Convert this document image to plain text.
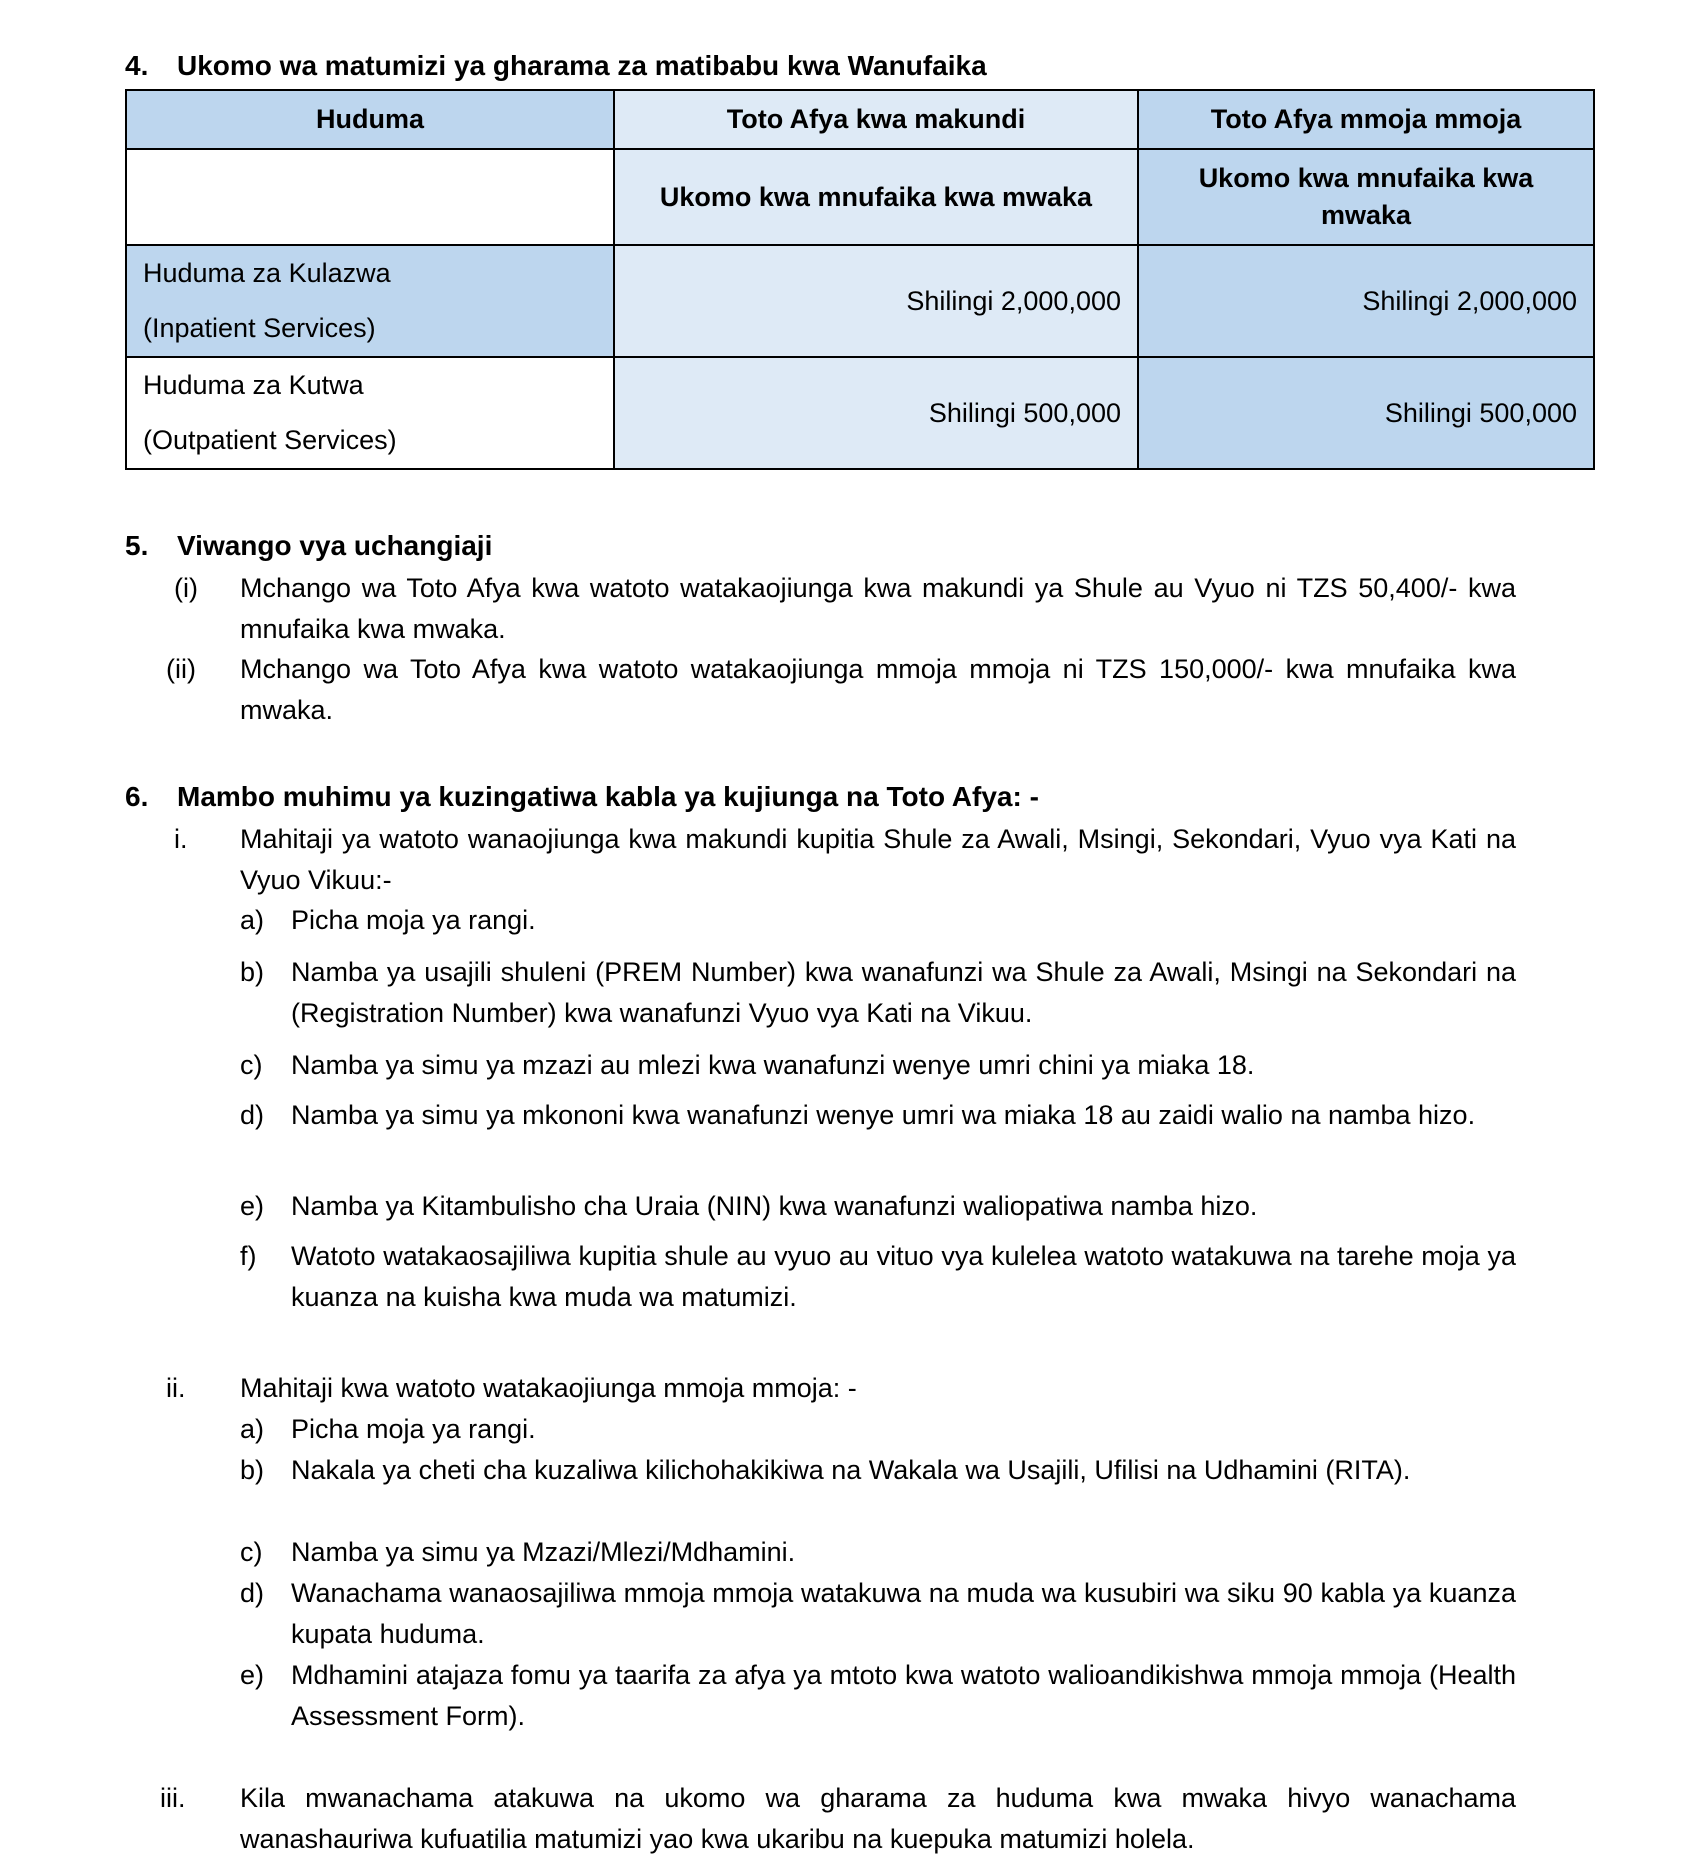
4. Ukomo wa matumizi ya gharama za matibabu kwa Wanufaika
Huduma	Toto Afya kwa makundi	Toto Afya mmoja mmoja
	Ukomo kwa mnufaika kwa mwaka	Ukomo kwa mnufaika kwa mwaka

Huduma za Kulazwa
(Inpatient Services)	Shilingi 2,000,000	Shilingi 2,000,000

Huduma za Kutwa
(Outpatient Services)	Shilingi 500,000	Shilingi 500,000
5. Viwango vya uchangiaji
(i) Mchango wa Toto Afya kwa watoto watakaojiunga kwa makundi ya Shule au Vyuo ni TZS 50,400/- kwa mnufaika kwa mwaka.
(ii) Mchango wa Toto Afya kwa watoto watakaojiunga mmoja mmoja ni TZS 150,000/- kwa mnufaika kwa mwaka.
6. Mambo muhimu ya kuzingatiwa kabla ya kujiunga na Toto Afya: -
i. Mahitaji ya watoto wanaojiunga kwa makundi kupitia Shule za Awali, Msingi, Sekondari, Vyuo vya Kati na Vyuo Vikuu:-
a) Picha moja ya rangi.
b) Namba ya usajili shuleni (PREM Number) kwa wanafunzi wa Shule za Awali, Msingi na Sekondari na (Registration Number) kwa wanafunzi Vyuo vya Kati na Vikuu.
c) Namba ya simu ya mzazi au mlezi kwa wanafunzi wenye umri chini ya miaka 18.
d) Namba ya simu ya mkononi kwa wanafunzi wenye umri wa miaka 18 au zaidi walio na namba hizo.
e) Namba ya Kitambulisho cha Uraia (NIN) kwa wanafunzi waliopatiwa namba hizo.
f) Watoto watakaosajiliwa kupitia shule au vyuo au vituo vya kulelea watoto watakuwa na tarehe moja ya kuanza na kuisha kwa muda wa matumizi.
ii. Mahitaji kwa watoto watakaojiunga mmoja mmoja: -
a) Picha moja ya rangi.
b) Nakala ya cheti cha kuzaliwa kilichohakikiwa na Wakala wa Usajili, Ufilisi na Udhamini (RITA).
c) Namba ya simu ya Mzazi/Mlezi/Mdhamini.
d) Wanachama wanaosajiliwa mmoja mmoja watakuwa na muda wa kusubiri wa siku 90 kabla ya kuanza kupata huduma.
e) Mdhamini atajaza fomu ya taarifa za afya ya mtoto kwa watoto walioandikishwa mmoja mmoja (Health Assessment Form).
iii. Kila mwanachama atakuwa na ukomo wa gharama za huduma kwa mwaka hivyo wanachama wanashauriwa kufuatilia matumizi yao kwa ukaribu na kuepuka matumizi holela.
